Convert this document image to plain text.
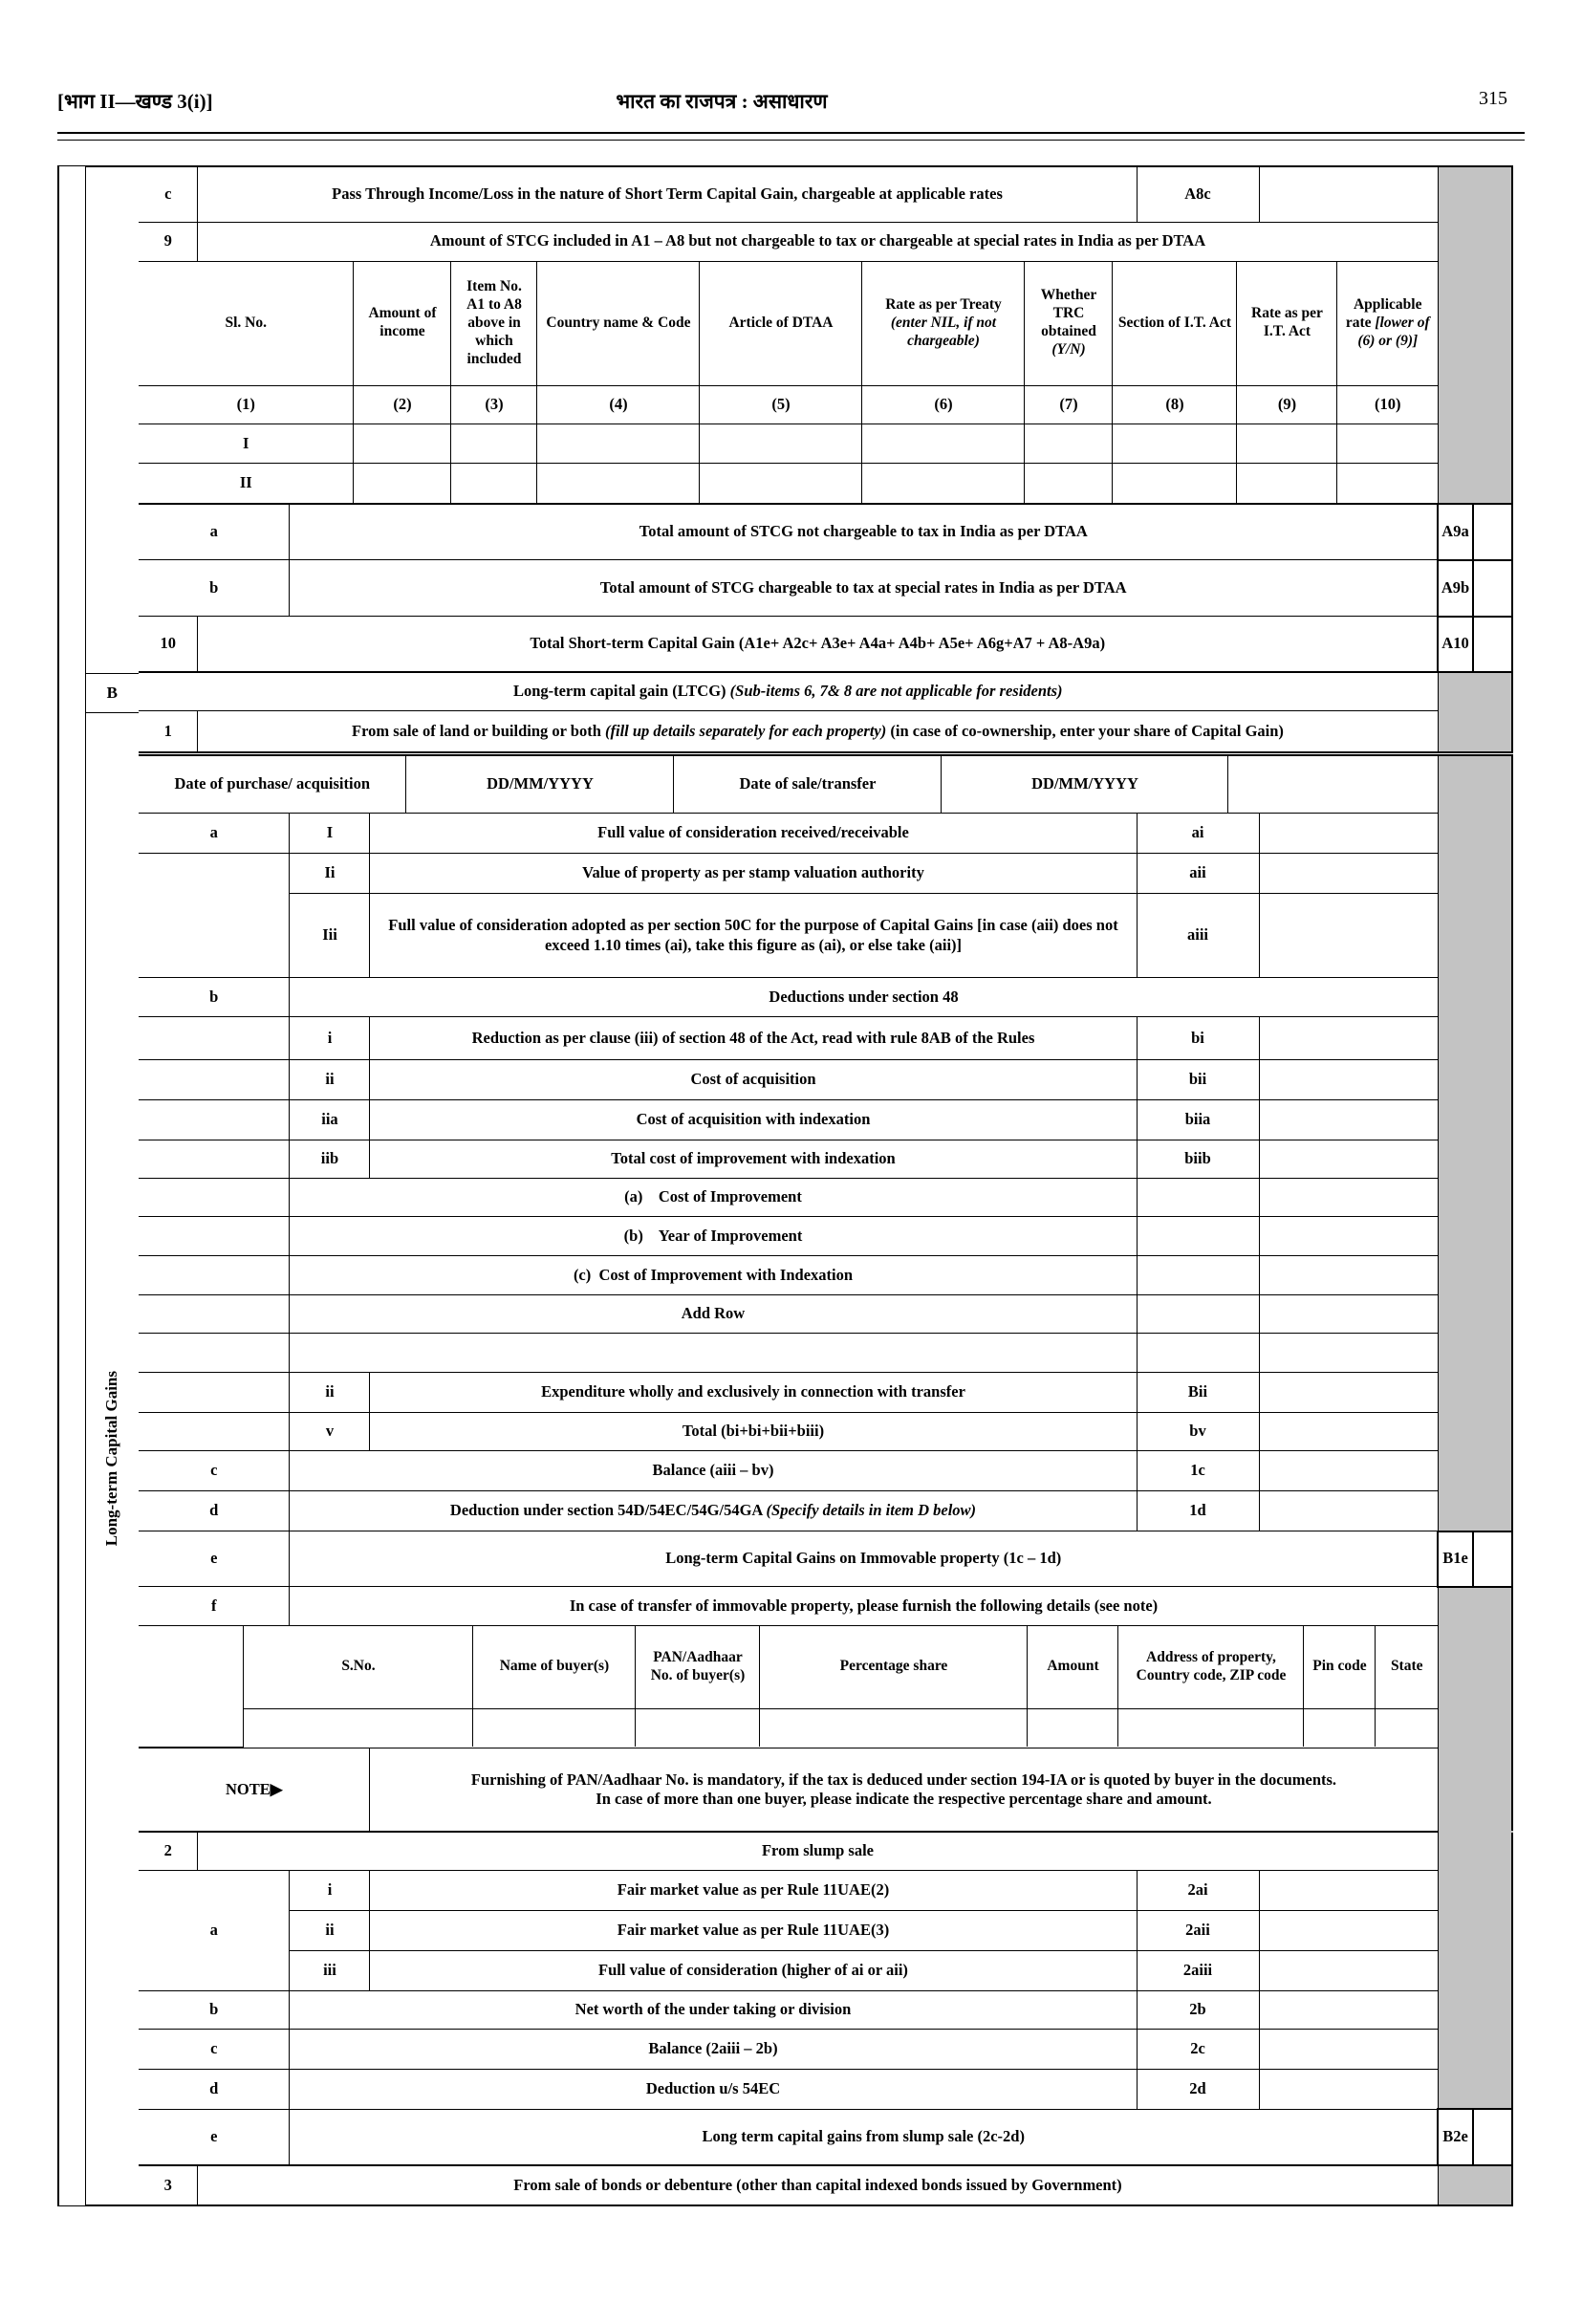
[भाग II—खण्ड 3(i)]	भारत का राजपत्र : असाधारण	315
B
Long-term Capital Gains
c	Pass Through Income/Loss in the nature of Short Term Capital Gain, chargeable at applicable rates	A8c		
9	Amount of STCG included in A1 – A8 but not chargeable to tax or chargeable at special rates in India as per DTAA	

Sl. No.	Amount of income	Item No. A1 to A8 above in which included	Country name & Code	Article of DTAA	Rate as per Treaty (enter NIL, if not chargeable)	Whether TRC obtained (Y/N)	Section of I.T. Act	Rate as per I.T. Act	Applicable rate [lower of (6) or (9)]
(1)	(2)	(3)	(4)	(5)	(6)	(7)	(8)	(9)	(10)
I									
II									

a	Total amount of STCG not chargeable to tax in India as per DTAA	A9a	
b	Total amount of STCG chargeable to tax at special rates in India as per DTAA	A9b	
10	Total Short-term Capital Gain (A1e+ A2c+ A3e+ A4a+ A4b+ A5e+ A6g+A7 + A8-A9a)	A10	
Long-term capital gain (LTCG) (Sub-items 6, 7& 8 are not applicable for residents)	
1	From sale of land or building or both (fill up details separately for each property) (in case of co-ownership, enter your share of Capital Gain)	

Date of purchase/ acquisition	DD/MM/YYYY	Date of sale/transfer	DD/MM/YYYY	

a	I	Full value of consideration received/receivable	ai		
	Ii	Value of property as per stamp valuation authority	aii		
Iii	Full value of consideration adopted as per section 50C for the purpose of Capital Gains [in case (aii) does not exceed 1.10 times (ai), take this figure as (ai), or else take (aii)]	aiii		
b	Deductions under section 48	
	i	Reduction as per clause (iii) of section 48 of the Act, read with rule 8AB of the Rules	bi		
	ii	Cost of acquisition	bii		
	iia	Cost of acquisition with indexation	biia		
	iib	Total cost of improvement with indexation	biib		
	(a)    Cost of Improvement			
	(b)    Year of Improvement			
	(c)  Cost of Improvement with Indexation			
	Add Row			

	ii	Expenditure wholly and exclusively in connection with transfer	Bii		
	v	Total (bi+bi+bii+biii)	bv		
c	Balance (aiii – bv)	1c		
d	Deduction under section 54D/54EC/54G/54GA (Specify details in item D below)	1d		
e	Long-term Capital Gains on Immovable property (1c – 1d)	B1e	
f	In case of transfer of immovable property, please furnish the following details (see note)	

	S.No.	Name of buyer(s)	PAN/Aadhaar No. of buyer(s)	Percentage share	Amount	Address of property, Country code, ZIP code	Pin code	State

NOTE▶	
Furnishing of PAN/Aadhaar No. is mandatory, if the tax is deduced under section 194-IA or is quoted by buyer in the documents.
In case of more than one buyer, please indicate the respective percentage share and amount.

2	From slump sale	
a	i	Fair market value as per Rule 11UAE(2)	2ai		
ii	Fair market value as per Rule 11UAE(3)	2aii		
iii	Full value of consideration (higher of ai or aii)	2aiii		
b	Net worth of the under taking or division	2b		
c	Balance (2aiii – 2b)	2c		
d	Deduction u/s 54EC	2d		
e	Long term capital gains from slump sale (2c-2d)	B2e	
3	From sale of bonds or debenture (other than capital indexed bonds issued by Government)	
